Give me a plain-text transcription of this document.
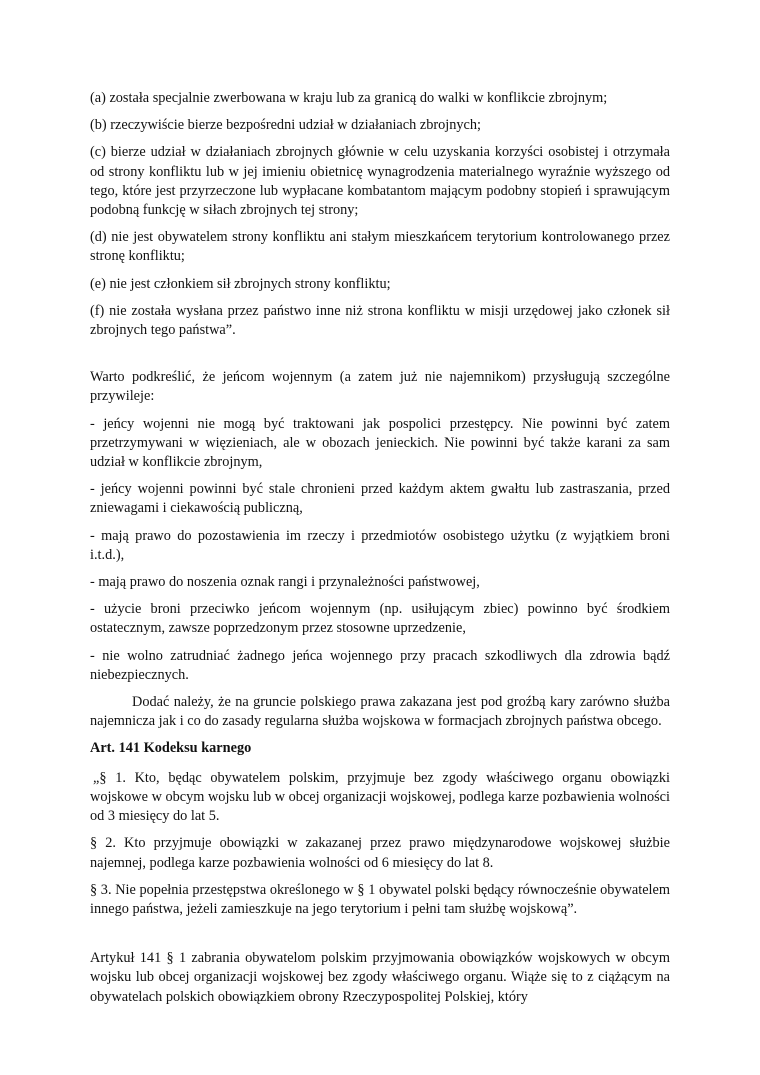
(a) została specjalnie zwerbowana w kraju lub za granicą do walki w konflikcie zbrojnym;

(b) rzeczywiście bierze bezpośredni udział w działaniach zbrojnych;

(c) bierze udział w działaniach zbrojnych głównie w celu uzyskania korzyści osobistej i otrzymała od strony konfliktu lub w jej imieniu obietnicę wynagrodzenia materialnego wyraźnie wyższego od tego, które jest przyrzeczone lub wypłacane kombatantom mającym podobny stopień i sprawującym podobną funkcję w siłach zbrojnych tej strony;

(d) nie jest obywatelem strony konfliktu ani stałym mieszkańcem terytorium kontrolowanego przez stronę konfliktu;

(e) nie jest członkiem sił zbrojnych strony konfliktu;

(f) nie została wysłana przez państwo inne niż strona konfliktu w misji urzędowej jako członek sił zbrojnych tego państwa”.

Warto podkreślić, że jeńcom wojennym (a zatem już nie najemnikom) przysługują szczególne przywileje:

- jeńcy wojenni nie mogą być traktowani jak pospolici przestępcy. Nie powinni być zatem przetrzymywani w więzieniach, ale w obozach jenieckich. Nie powinni być także karani za sam udział w konflikcie zbrojnym,

- jeńcy wojenni powinni być stale chronieni przed każdym aktem gwałtu lub zastraszania, przed zniewagami i ciekawością publiczną,

- mają prawo do pozostawienia im rzeczy i przedmiotów osobistego użytku (z wyjątkiem broni i.t.d.),

- mają prawo do noszenia oznak rangi i przynależności państwowej,

- użycie broni przeciwko jeńcom wojennym (np. usiłującym zbiec) powinno być środkiem ostatecznym, zawsze poprzedzonym przez stosowne uprzedzenie,

- nie wolno zatrudniać żadnego jeńca wojennego przy pracach szkodliwych dla zdrowia bądź niebezpiecznych.

Dodać należy, że na gruncie polskiego prawa zakazana jest pod groźbą kary zarówno służba najemnicza jak i co do zasady regularna służba wojskowa w formacjach zbrojnych państwa obcego.

Art. 141 Kodeksu karnego

„§ 1. Kto, będąc obywatelem polskim, przyjmuje bez zgody właściwego organu obowiązki wojskowe w obcym wojsku lub w obcej organizacji wojskowej, podlega karze pozbawienia wolności od 3 miesięcy do lat 5.

§ 2. Kto przyjmuje obowiązki w zakazanej przez prawo międzynarodowe wojskowej służbie najemnej, podlega karze pozbawienia wolności od 6 miesięcy do lat 8.

§ 3. Nie popełnia przestępstwa określonego w § 1 obywatel polski będący równocześnie obywatelem innego państwa, jeżeli zamieszkuje na jego terytorium i pełni tam służbę wojskową”.

Artykuł 141 § 1 zabrania obywatelom polskim przyjmowania obowiązków wojskowych w obcym wojsku lub obcej organizacji wojskowej bez zgody właściwego organu. Wiąże się to z ciążącym na obywatelach polskich obowiązkiem obrony Rzeczypospolitej Polskiej, który
